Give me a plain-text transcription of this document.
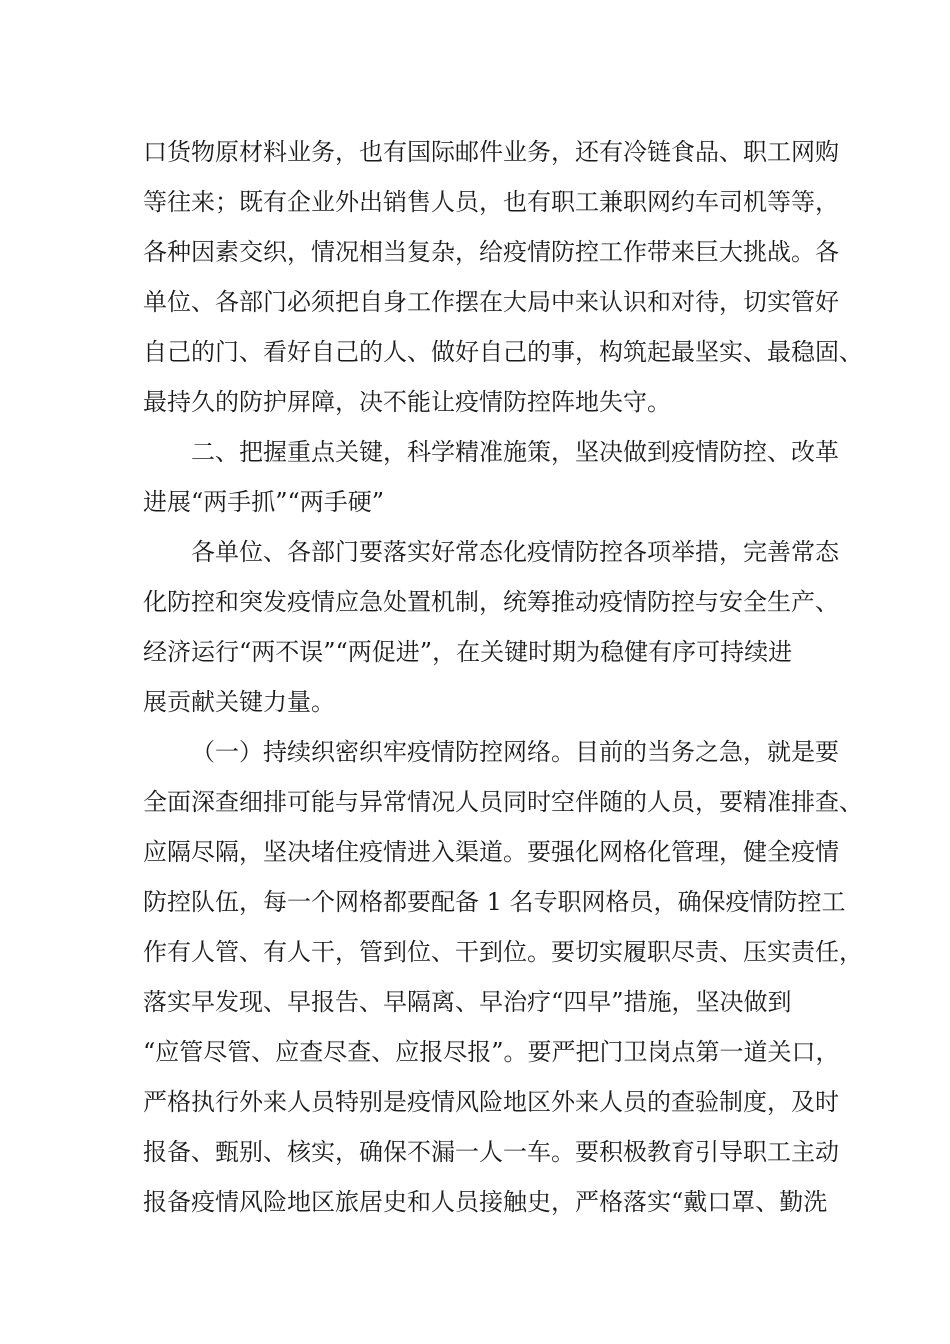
口货物原材料业务，也有国际邮件业务，还有冷链食品、职工网购
等往来；既有企业外出销售人员，也有职工兼职网约车司机等等，
各种因素交织，情况相当复杂，给疫情防控工作带来巨大挑战。各
单位、各部门必须把自身工作摆在大局中来认识和对待，切实管好
自己的门、看好自己的人、做好自己的事，构筑起最坚实、最稳固、
最持久的防护屏障，决不能让疫情防控阵地失守。
二、把握重点关键，科学精准施策，坚决做到疫情防控、改革
进展“两手抓”“两手硬”
各单位、各部门要落实好常态化疫情防控各项举措，完善常态
化防控和突发疫情应急处置机制，统筹推动疫情防控与安全生产、
经济运行“两不误”“两促进”，在关键时期为稳健有序可持续进
展贡献关键力量。
（一）持续织密织牢疫情防控网络。目前的当务之急，就是要
全面深查细排可能与异常情况人员同时空伴随的人员，要精准排查、
应隔尽隔，坚决堵住疫情进入渠道。要强化网格化管理，健全疫情
防控队伍，每一个网格都要配备 1 名专职网格员，确保疫情防控工
作有人管、有人干，管到位、干到位。要切实履职尽责、压实责任，
落实早发现、早报告、早隔离、早治疗“四早”措施，坚决做到
“应管尽管、应查尽查、应报尽报”。要严把门卫岗点第一道关口，
严格执行外来人员特别是疫情风险地区外来人员的查验制度，及时
报备、甄别、核实，确保不漏一人一车。要积极教育引导职工主动
报备疫情风险地区旅居史和人员接触史，严格落实“戴口罩、勤洗
